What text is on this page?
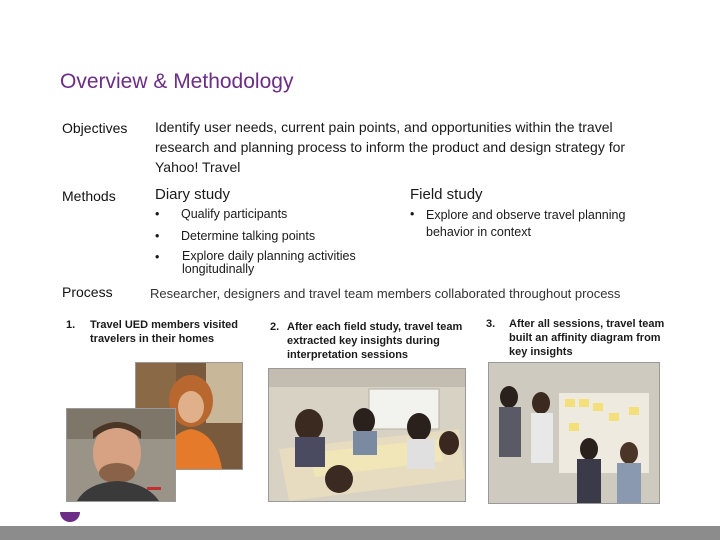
Overview & Methodology
Objectives Identify user needs, current pain points, and opportunities within the travel research and planning process to inform the product and design strategy for Yahoo! Travel
Methods	Diary study
• Qualify participants
• Determine talking points
•	Explore daily planning activities longitudinally
Field study
• Explore and observe travel planning behavior in context
Process	Researcher, designers and travel team members collaborated throughout process
1. Travel UED members visited travelers in their homes
2. After each field study, travel team extracted key insights during interpretation sessions
3. After all sessions, travel team built an affinity diagram from key insights
